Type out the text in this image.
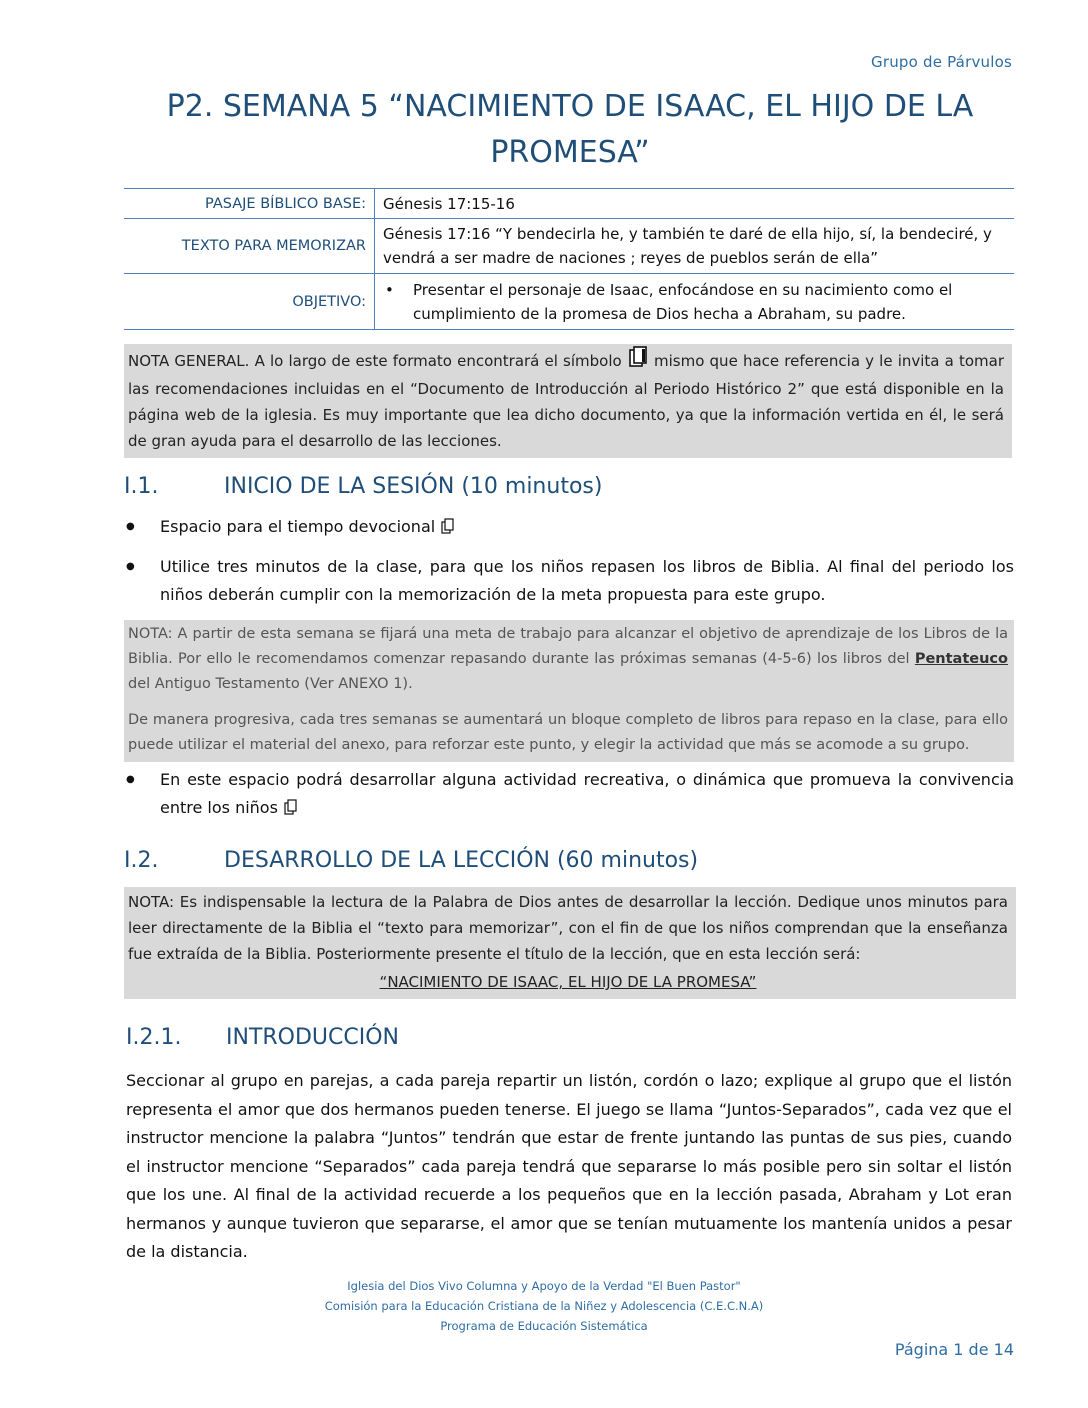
Grupo de Párvulos
P2. SEMANA 5 “NACIMIENTO DE ISAAC, EL HIJO DE LA PROMESA”
PASAJE BÍBLICO BASE:	Génesis 17:15-16
TEXTO PARA MEMORIZAR	Génesis 17:16 “Y bendecirla he, y también te daré de ella hijo, sí, la bendeciré, y vendrá a ser madre de naciones ; reyes de pueblos serán de ella”
OBJETIVO:	• Presentar el personaje de Isaac, enfocándose en su nacimiento como el cumplimiento de la promesa de Dios hecha a Abraham, su padre.
NOTA GENERAL. A lo largo de este formato encontrará el símbolo mismo que hace referencia y le invita a tomar las recomendaciones incluidas en el “Documento de Introducción al Periodo Histórico 2” que está disponible en la página web de la iglesia. Es muy importante que lea dicho documento, ya que la información vertida en él, le será de gran ayuda para el desarrollo de las lecciones.
I.1.	INICIO DE LA SESIÓN (10 minutos)
●	Espacio para el tiempo devocional
●	Utilice tres minutos de la clase, para que los niños repasen los libros de Biblia. Al final del periodo los niños deberán cumplir con la memorización de la meta propuesta para este grupo.

NOTA: A partir de esta semana se fijará una meta de trabajo para alcanzar el objetivo de aprendizaje de los Libros de la Biblia. Por ello le recomendamos comenzar repasando durante las próximas semanas (4-5-6) los libros del Pentateuco del Antiguo Testamento (Ver ANEXO 1).

De manera progresiva, cada tres semanas se aumentará un bloque completo de libros para repaso en la clase, para ello puede utilizar el material del anexo, para reforzar este punto, y elegir la actividad que más se acomode a su grupo.

●	En este espacio podrá desarrollar alguna actividad recreativa, o dinámica que promueva la convivencia entre los niños
I.2.	DESARROLLO DE LA LECCIÓN (60 minutos)
NOTA: Es indispensable la lectura de la Palabra de Dios antes de desarrollar la lección. Dedique unos minutos para leer directamente de la Biblia el “texto para memorizar”, con el fin de que los niños comprendan que la enseñanza fue extraída de la Biblia. Posteriormente presente el título de la lección, que en esta lección será:
“NACIMIENTO DE ISAAC, EL HIJO DE LA PROMESA”
I.2.1. INTRODUCCIÓN
Seccionar al grupo en parejas, a cada pareja repartir un listón, cordón o lazo; explique al grupo que el listón representa el amor que dos hermanos pueden tenerse. El juego se llama “Juntos-Separados”, cada vez que el instructor mencione la palabra “Juntos” tendrán que estar de frente juntando las puntas de sus pies, cuando el instructor mencione “Separados” cada pareja tendrá que separarse lo más posible pero sin soltar el listón que los une. Al final de la actividad recuerde a los pequeños que en la lección pasada, Abraham y Lot eran hermanos y aunque tuvieron que separarse, el amor que se tenían mutuamente los mantenía unidos a pesar de la distancia.
Iglesia del Dios Vivo Columna y Apoyo de la Verdad "El Buen Pastor"
Comisión para la Educación Cristiana de la Niñez y Adolescencia (C.E.C.N.A)
Programa de Educación Sistemática
Página 1 de 14
